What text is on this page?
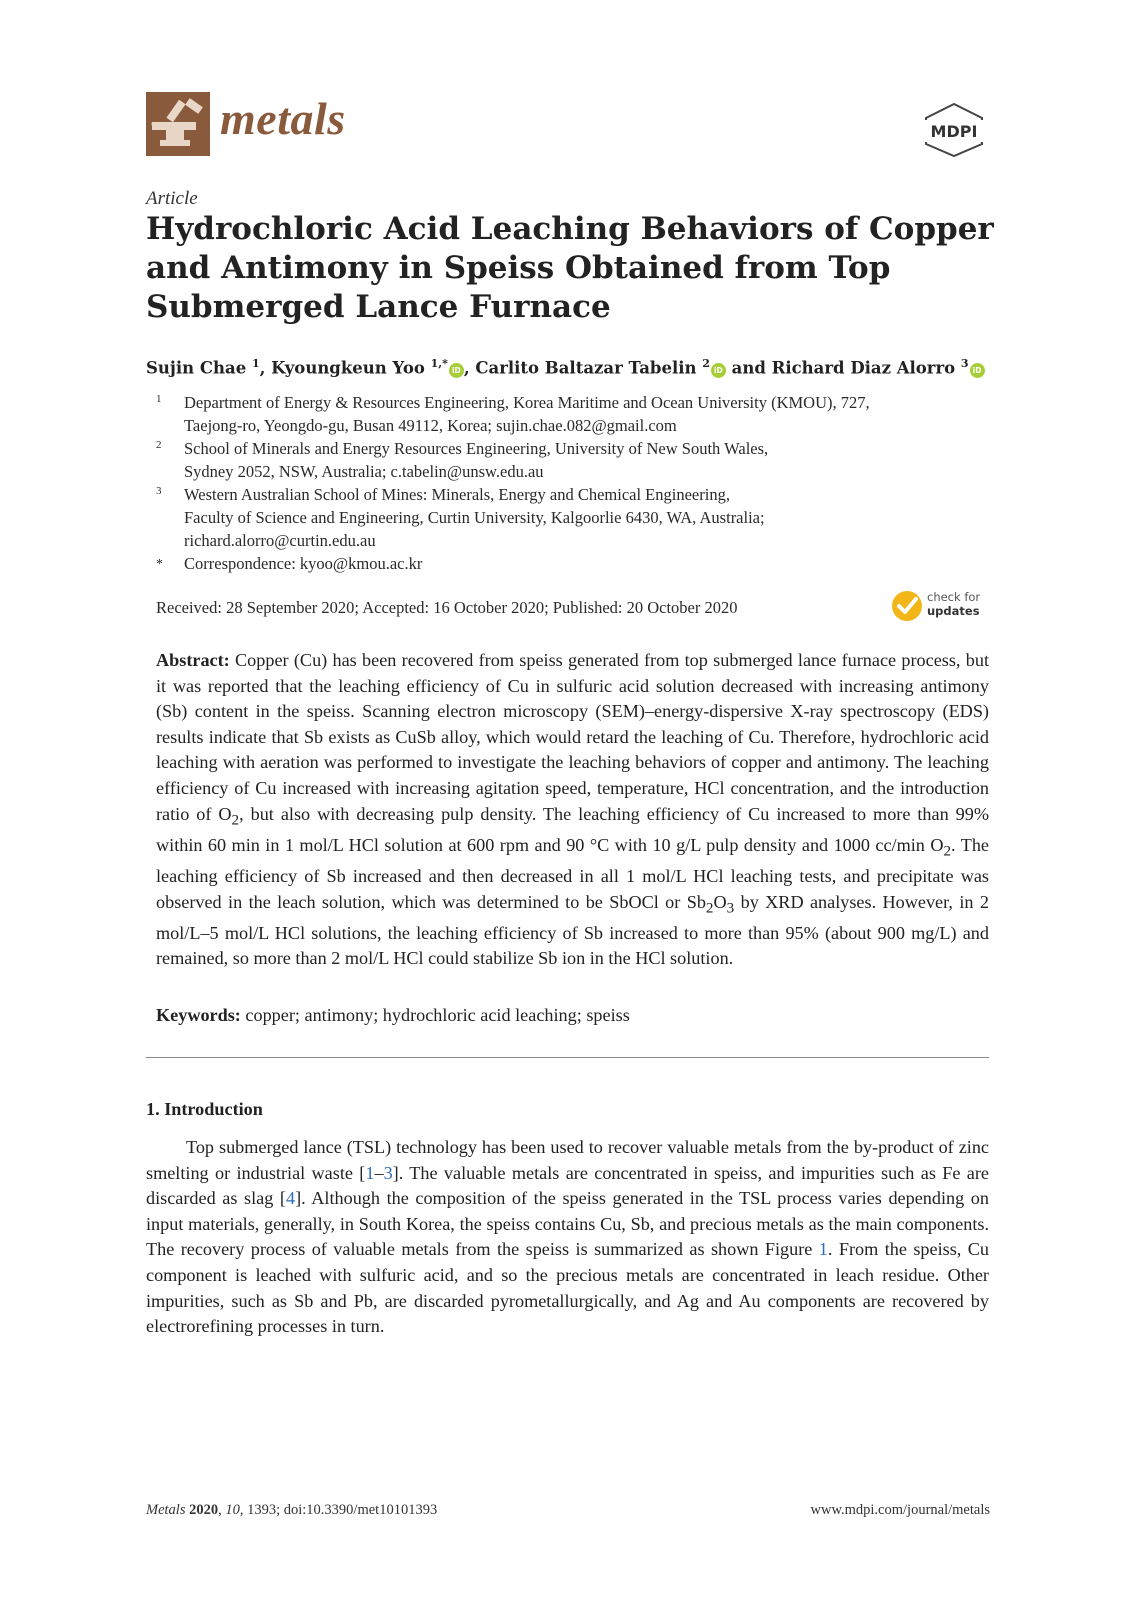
metals	MDPI
Article
Hydrochloric Acid Leaching Behaviors of Copper and Antimony in Speiss Obtained from Top Submerged Lance Furnace
Sujin Chae $^1$, Kyoungkeun Yoo $^{1,*}$ iD , Carlito Baltazar Tabelin $^2$ iD and Richard Diaz Alorro $^3$ iD
1 Department of Energy & Resources Engineering, Korea Maritime and Ocean University (KMOU), 727,
Taejong-ro, Yeongdo-gu, Busan 49112, Korea; sujin.chae.082@gmail.com
2 School of Minerals and Energy Resources Engineering, University of New South Wales,
Sydney 2052, NSW, Australia; c.tabelin@unsw.edu.au
3 Western Australian School of Mines: Minerals, Energy and Chemical Engineering,
Faculty of Science and Engineering, Curtin University, Kalgoorlie 6430, WA, Australia;
richard.alorro@curtin.edu.au
* Correspondence: kyoo@kmou.ac.kr
Received: 28 September 2020; Accepted: 16 October 2020; Published: 20 October 2020
check for
updates

Abstract: Copper (Cu) has been recovered from speiss generated from top submerged lance furnace process, but it was reported that the leaching efficiency of Cu in sulfuric acid solution decreased with increasing antimony (Sb) content in the speiss. Scanning electron microscopy (SEM)–energy-dispersive X-ray spectroscopy (EDS) results indicate that Sb exists as CuSb alloy, which would retard the leaching of Cu. Therefore, hydrochloric acid leaching with aeration was performed to investigate the leaching behaviors of copper and antimony. The leaching efficiency of Cu increased with increasing agitation speed, temperature, HCl concentration, and the introduction ratio of $O_2$, but also with decreasing pulp density. The leaching efficiency of Cu increased to more than 99% within 60 min in 1 mol/L HCl solution at 600 rpm and 90 °C with 10 g/L pulp density and 1000 cc/min $O_2$. The leaching efficiency of Sb increased and then decreased in all 1 mol/L HCl leaching tests, and precipitate was observed in the leach solution, which was determined to be SbOCl or $Sb_2O_3$ by XRD analyses. However, in 2 mol/L–5 mol/L HCl solutions, the leaching efficiency of Sb increased to more than 95% (about 900 mg/L) and remained, so more than 2 mol/L HCl could stabilize Sb ion in the HCl solution.

Keywords: copper; antimony; hydrochloric acid leaching; speiss
1. Introduction

Top submerged lance (TSL) technology has been used to recover valuable metals from the by-product of zinc smelting or industrial waste [1–3]. The valuable metals are concentrated in speiss, and impurities such as Fe are discarded as slag [4]. Although the composition of the speiss generated in the TSL process varies depending on input materials, generally, in South Korea, the speiss contains Cu, Sb, and precious metals as the main components. The recovery process of valuable metals from the speiss is summarized as shown Figure 1. From the speiss, Cu component is leached with sulfuric acid, and so the precious metals are concentrated in leach residue. Other impurities, such as Sb and Pb, are discarded pyrometallurgically, and Ag and Au components are recovered by electrorefining processes in turn.

Metals 2020, 10, 1393; doi:10.3390/met10101393	www.mdpi.com/journal/metals
